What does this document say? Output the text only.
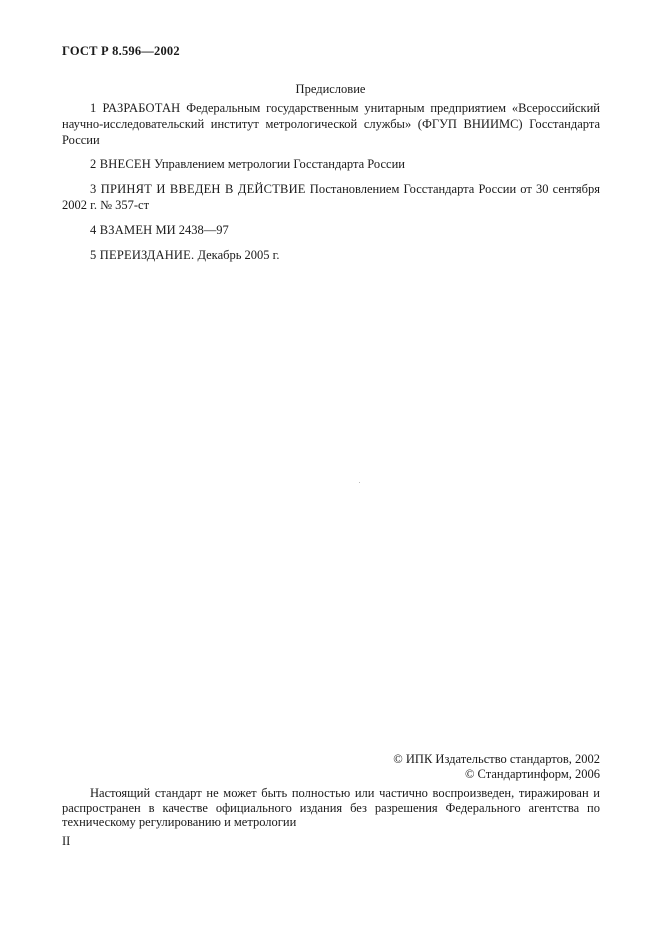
ГОСТ Р 8.596—2002
Предисловие

1 РАЗРАБОТАН Федеральным государственным унитарным предприятием «Всероссийский научно-исследовательский институт метрологической службы» (ФГУП ВНИИМС) Госстандарта России

2 ВНЕСЕН Управлением метрологии Госстандарта России

3 ПРИНЯТ И ВВЕДЕН В ДЕЙСТВИЕ Постановлением Госстандарта России от 30 сентября 2002 г. № 357-ст

4 ВЗАМЕН МИ 2438—97

5 ПЕРЕИЗДАНИЕ. Декабрь 2005 г.

© ИПК Издательство стандартов, 2002
© Стандартинформ, 2006

Настоящий стандарт не может быть полностью или частично воспроизведен, тиражирован и распространен в качестве официального издания без разрешения Федерального агентства по техническому регулированию и метрологии

II
